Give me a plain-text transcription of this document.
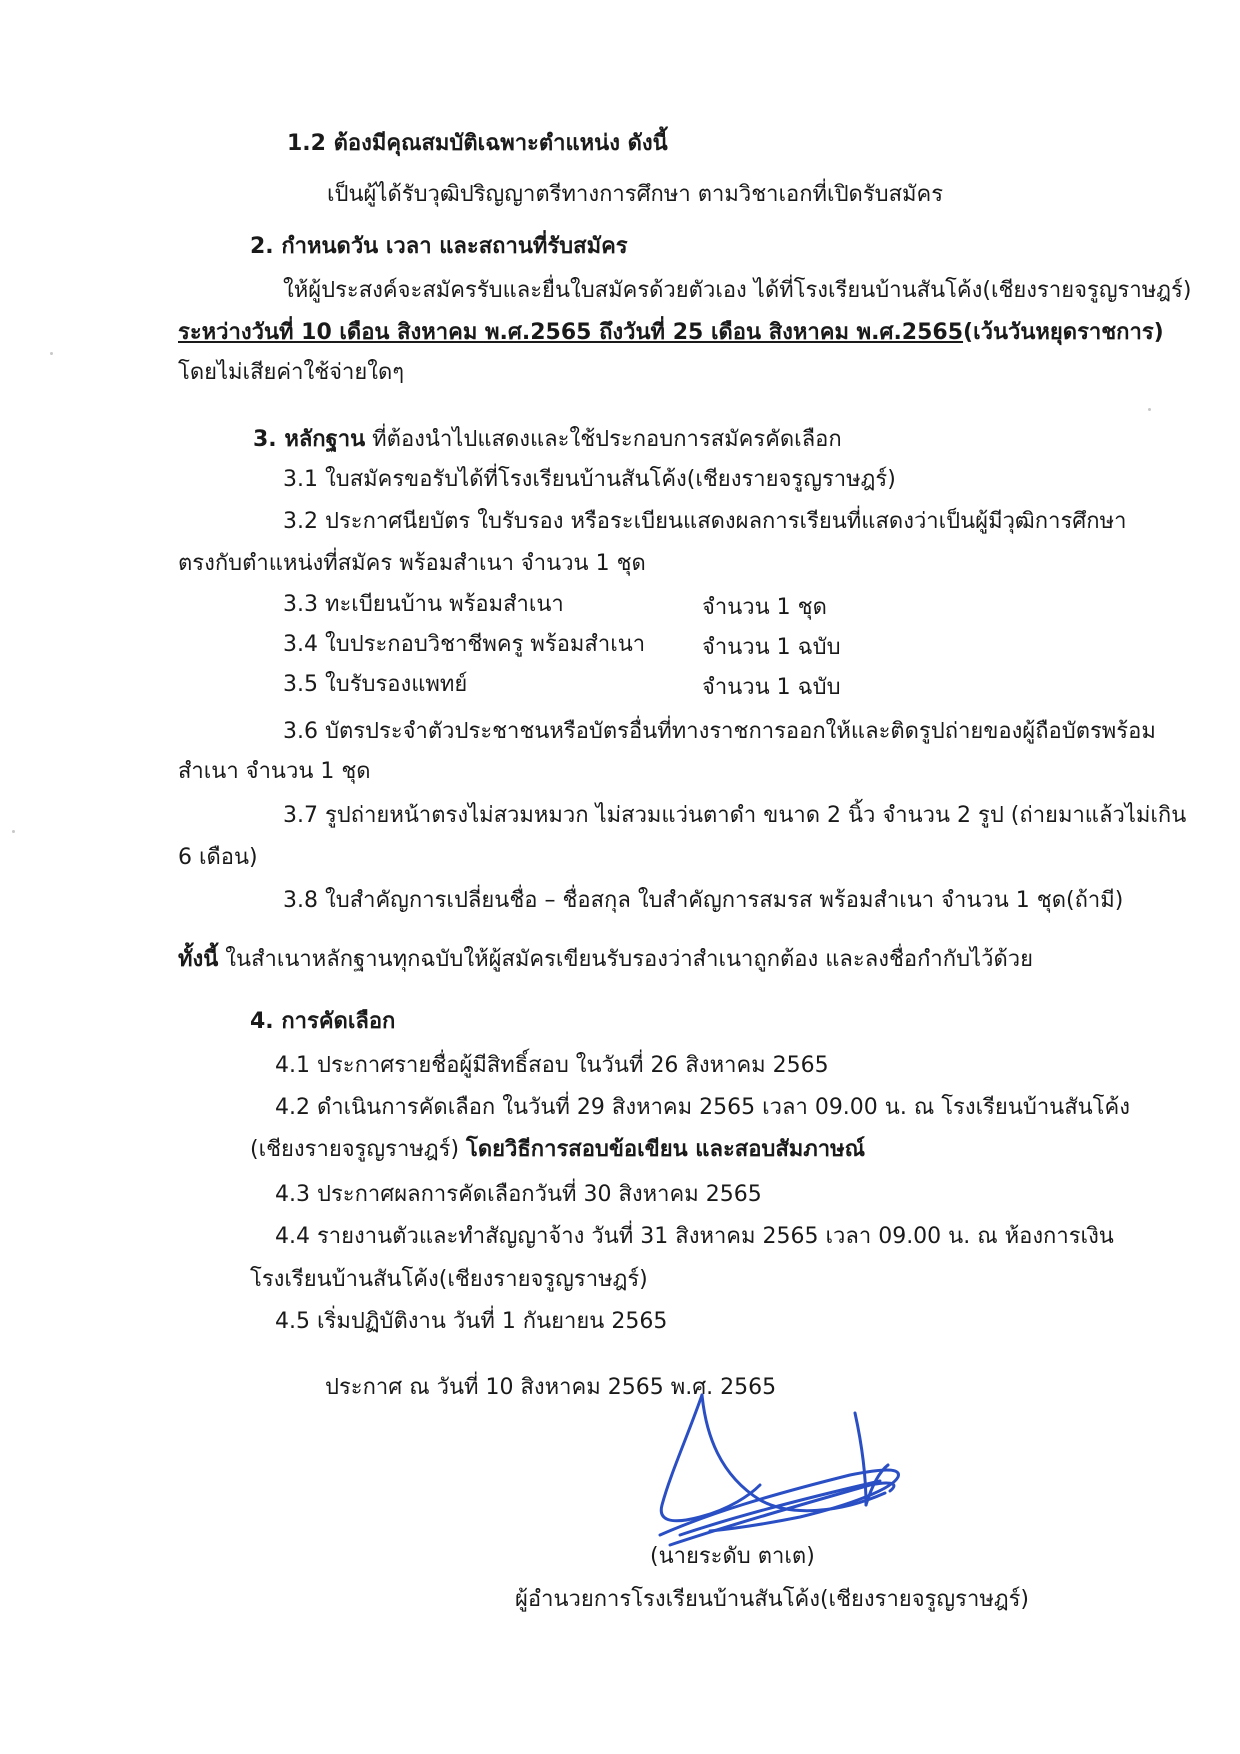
1.2 ต้องมีคุณสมบัติเฉพาะตำแหน่ง ดังนี้
เป็นผู้ได้รับวุฒิปริญญาตรีทางการศึกษา ตามวิชาเอกที่เปิดรับสมัคร
2. กำหนดวัน เวลา และสถานที่รับสมัคร
ให้ผู้ประสงค์จะสมัครรับและยื่นใบสมัครด้วยตัวเอง ได้ที่โรงเรียนบ้านสันโค้ง(เชียงรายจรูญราษฎร์)
ระหว่างวันที่ 10 เดือน สิงหาคม พ.ศ.2565 ถึงวันที่ 25 เดือน สิงหาคม พ.ศ.2565(เว้นวันหยุดราชการ)
โดยไม่เสียค่าใช้จ่ายใดๆ
3. หลักฐาน ที่ต้องนำไปแสดงและใช้ประกอบการสมัครคัดเลือก
3.1 ใบสมัครขอรับได้ที่โรงเรียนบ้านสันโค้ง(เชียงรายจรูญราษฎร์)
3.2 ประกาศนียบัตร ใบรับรอง หรือระเบียนแสดงผลการเรียนที่แสดงว่าเป็นผู้มีวุฒิการศึกษา
ตรงกับตำแหน่งที่สมัคร พร้อมสำเนา จำนวน 1 ชุด
3.3 ทะเบียนบ้าน พร้อมสำเนา	จำนวน 1 ชุด
3.4 ใบประกอบวิชาชีพครู พร้อมสำเนา	จำนวน 1 ฉบับ
3.5 ใบรับรองแพทย์	จำนวน 1 ฉบับ
3.6 บัตรประจำตัวประชาชนหรือบัตรอื่นที่ทางราชการออกให้และติดรูปถ่ายของผู้ถือบัตรพร้อม
สำเนา จำนวน 1 ชุด
3.7 รูปถ่ายหน้าตรงไม่สวมหมวก ไม่สวมแว่นตาดำ ขนาด 2 นิ้ว จำนวน 2 รูป (ถ่ายมาแล้วไม่เกิน
6 เดือน)
3.8 ใบสำคัญการเปลี่ยนชื่อ – ชื่อสกุล ใบสำคัญการสมรส พร้อมสำเนา จำนวน 1 ชุด(ถ้ามี)
ทั้งนี้ ในสำเนาหลักฐานทุกฉบับให้ผู้สมัครเขียนรับรองว่าสำเนาถูกต้อง และลงชื่อกำกับไว้ด้วย
4. การคัดเลือก
4.1 ประกาศรายชื่อผู้มีสิทธิ์สอบ ในวันที่ 26 สิงหาคม 2565
4.2 ดำเนินการคัดเลือก ในวันที่ 29 สิงหาคม 2565 เวลา 09.00 น. ณ โรงเรียนบ้านสันโค้ง
(เชียงรายจรูญราษฎร์) โดยวิธีการสอบข้อเขียน และสอบสัมภาษณ์
4.3 ประกาศผลการคัดเลือกวันที่ 30 สิงหาคม 2565
4.4 รายงานตัวและทำสัญญาจ้าง วันที่ 31 สิงหาคม 2565 เวลา 09.00 น. ณ ห้องการเงิน
โรงเรียนบ้านสันโค้ง(เชียงรายจรูญราษฎร์)
4.5 เริ่มปฏิบัติงาน วันที่ 1 กันยายน 2565
ประกาศ ณ วันที่ 10 สิงหาคม 2565 พ.ศ. 2565
(นายระดับ ตาเต)
ผู้อำนวยการโรงเรียนบ้านสันโค้ง(เชียงรายจรูญราษฎร์)
